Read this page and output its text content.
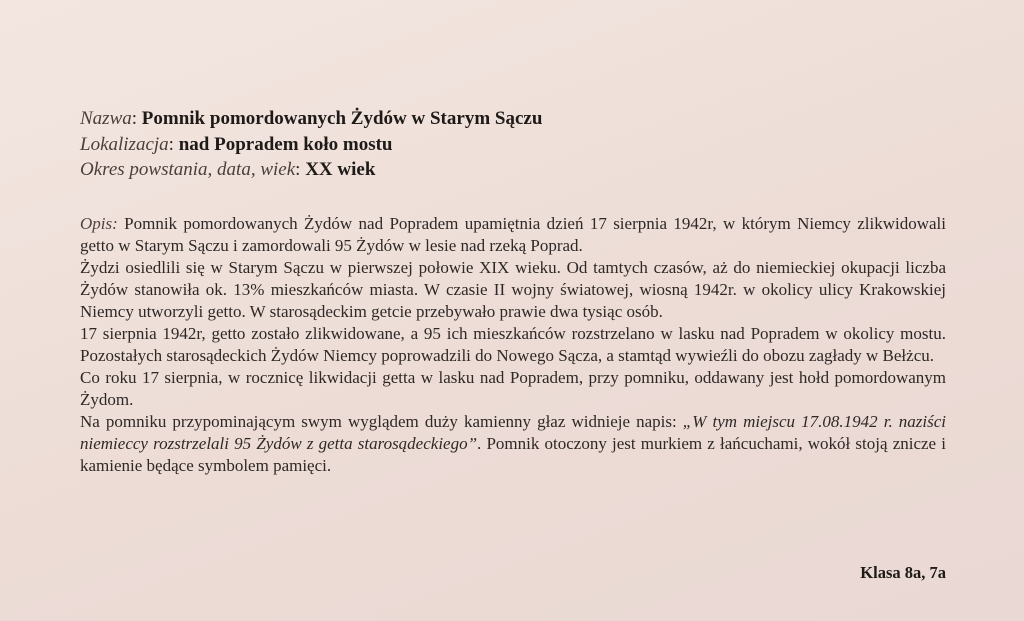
Nazwa: Pomnik pomordowanych Żydów w Starym Sączu
Lokalizacja: nad Popradem koło mostu
Okres powstania, data, wiek: XX wiek

Opis: Pomnik pomordowanych Żydów nad Popradem upamiętnia dzień 17 sierpnia 1942r, w którym Niemcy zlikwidowali getto w Starym Sączu i zamordowali 95 Żydów w lesie nad rzeką Poprad.

Żydzi osiedlili się w Starym Sączu w pierwszej połowie XIX wieku. Od tamtych czasów, aż do niemieckiej okupacji liczba Żydów stanowiła ok. 13% mieszkańców miasta. W czasie II wojny światowej, wiosną 1942r. w okolicy ulicy Krakowskiej Niemcy utworzyli getto. W starosądeckim getcie przebywało prawie dwa tysiąc osób.

17 sierpnia 1942r, getto zostało zlikwidowane, a 95 ich mieszkańców rozstrzelano w lasku nad Popradem w okolicy mostu. Pozostałych starosądeckich Żydów Niemcy poprowadzili do Nowego Sącza, a stamtąd wywieźli do obozu zagłady w Bełżcu.

Co roku 17 sierpnia, w rocznicę likwidacji getta w lasku nad Popradem, przy pomniku, oddawany jest hołd pomordowanym Żydom.

Na pomniku przypominającym swym wyglądem duży kamienny głaz widnieje napis: „W tym miejscu 17.08.1942 r. naziści niemieccy rozstrzelali 95 Żydów z getta starosądeckiego”. Pomnik otoczony jest murkiem z łańcuchami, wokół stoją znicze i kamienie będące symbolem pamięci.

Klasa 8a, 7a
